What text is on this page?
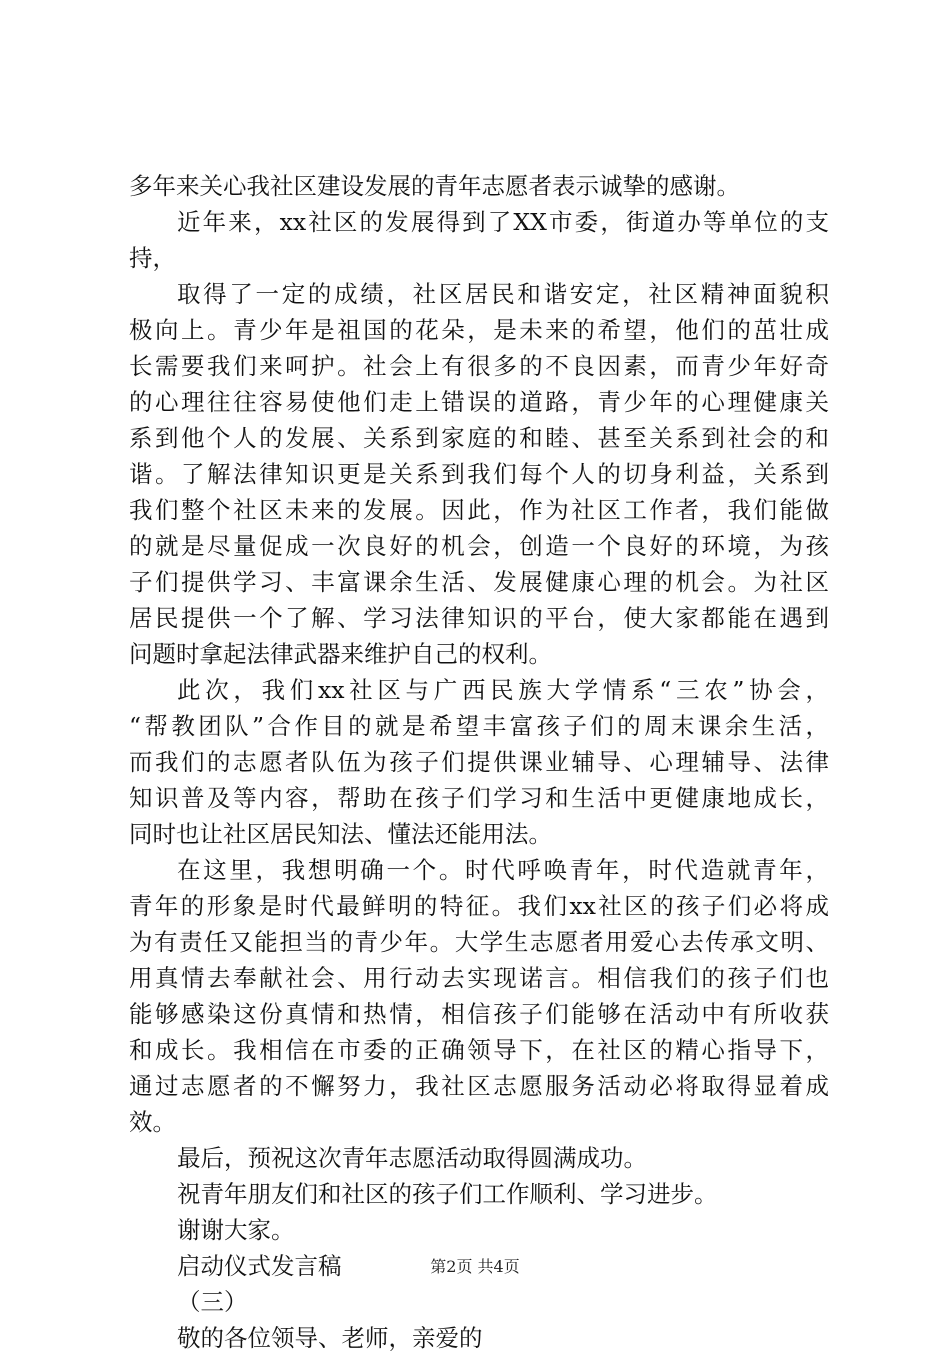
多年来关心我社区建设发展的青年志愿者表示诚挚的感谢。
近年来，xx社区的发展得到了XX市委，街道办等单位的支
持，
取得了一定的成绩，社区居民和谐安定，社区精神面貌积
极向上。青少年是祖国的花朵，是未来的希望，他们的茁壮成
长需要我们来呵护。社会上有很多的不良因素，而青少年好奇
的心理往往容易使他们走上错误的道路，青少年的心理健康关
系到他个人的发展、关系到家庭的和睦、甚至关系到社会的和
谐。了解法律知识更是关系到我们每个人的切身利益，关系到
我们整个社区未来的发展。因此，作为社区工作者，我们能做
的就是尽量促成一次良好的机会，创造一个良好的环境，为孩
子们提供学习、丰富课余生活、发展健康心理的机会。为社区
居民提供一个了解、学习法律知识的平台，使大家都能在遇到
问题时拿起法律武器来维护自己的权利。
此次，我们xx社区与广西民族大学情系“三农”协会，
“帮教团队”合作目的就是希望丰富孩子们的周末课余生活，
而我们的志愿者队伍为孩子们提供课业辅导、心理辅导、法律
知识普及等内容，帮助在孩子们学习和生活中更健康地成长，
同时也让社区居民知法、懂法还能用法。
在这里，我想明确一个。时代呼唤青年，时代造就青年，
青年的形象是时代最鲜明的特征。我们xx社区的孩子们必将成
为有责任又能担当的青少年。大学生志愿者用爱心去传承文明、
用真情去奉献社会、用行动去实现诺言。相信我们的孩子们也
能够感染这份真情和热情，相信孩子们能够在活动中有所收获
和成长。我相信在市委的正确领导下，在社区的精心指导下，
通过志愿者的不懈努力，我社区志愿服务活动必将取得显着成
效。
最后，预祝这次青年志愿活动取得圆满成功。
祝青年朋友们和社区的孩子们工作顺利、学习进步。
谢谢大家。
启动仪式发言稿
（三）
敬的各位领导、老师，亲爱的
第2页 共4页
